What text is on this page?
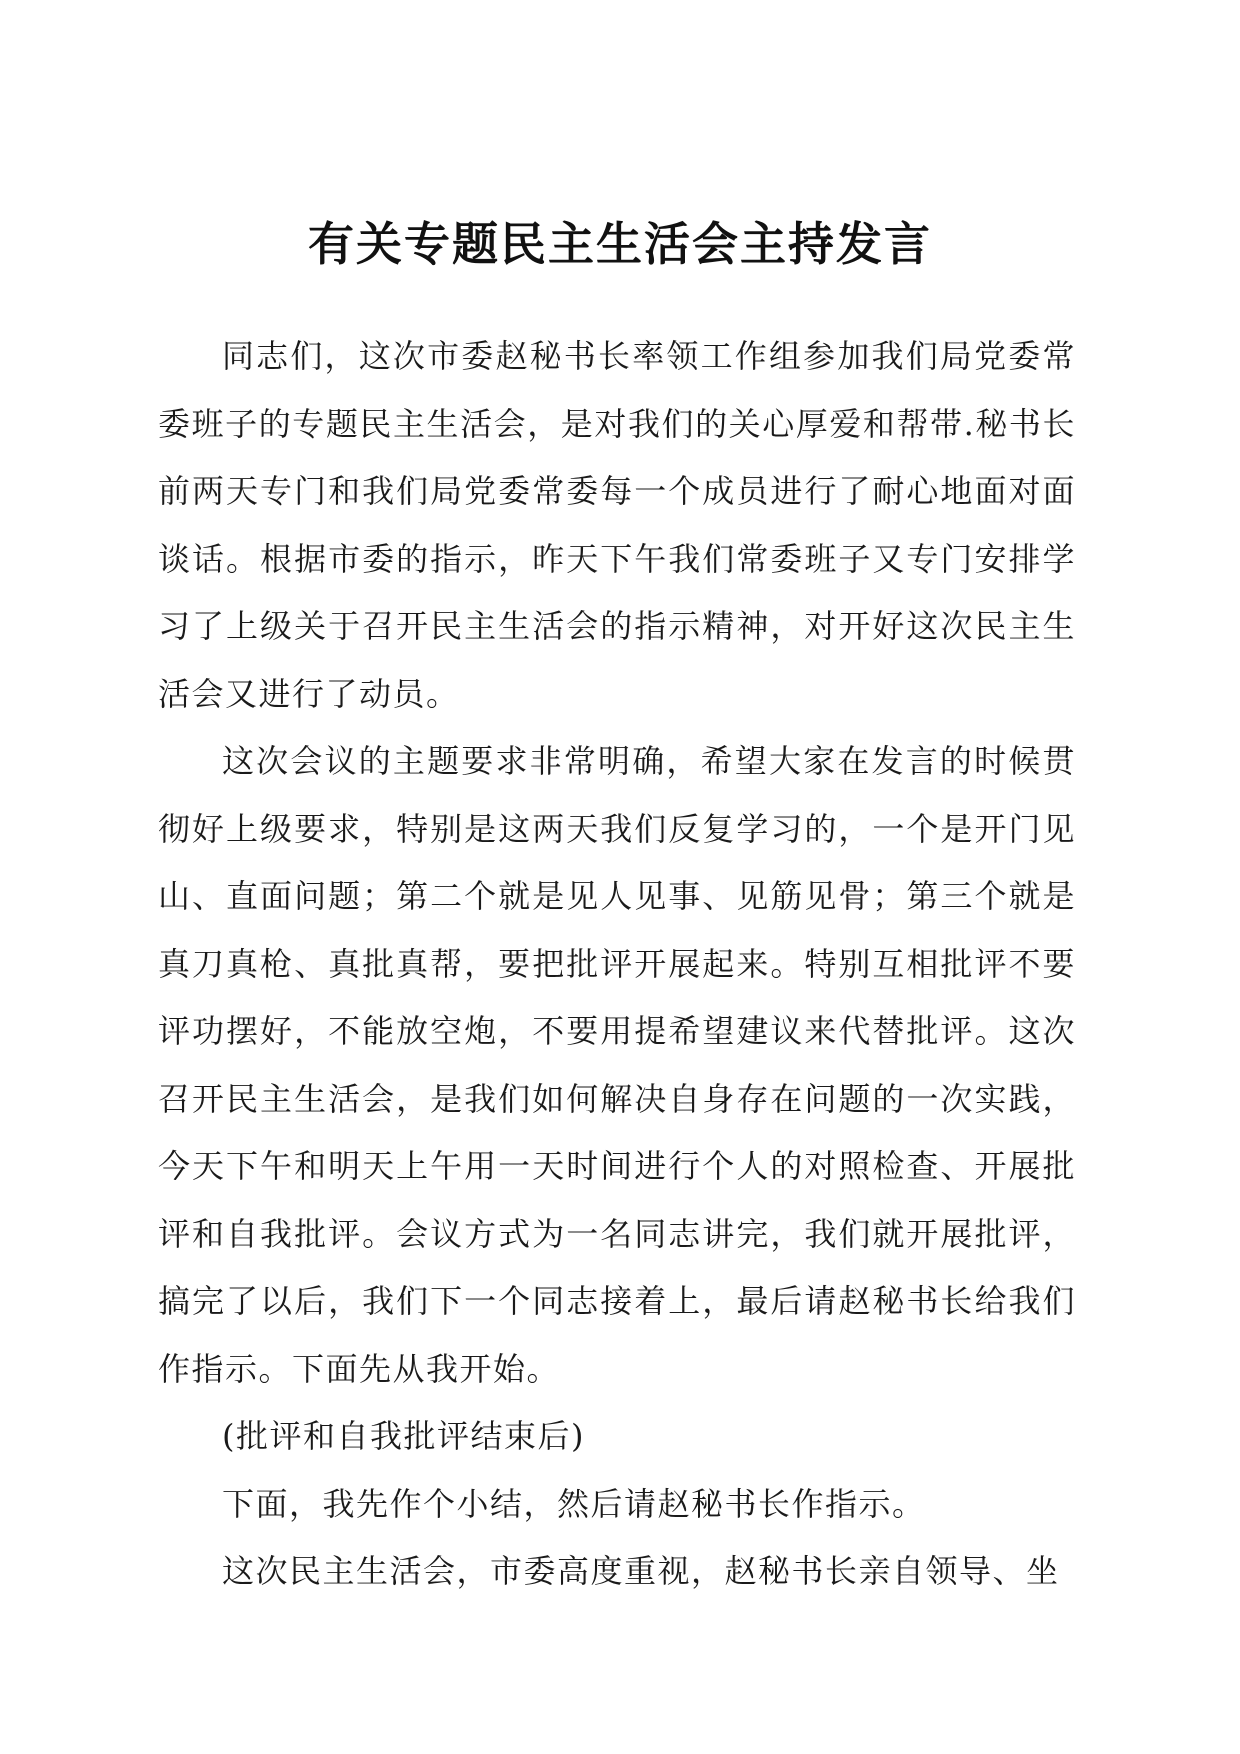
有关专题民主生活会主持发言

同志们，这次市委赵秘书长率领工作组参加我们局党委常委班子的专题民主生活会，是对我们的关心厚爱和帮带.秘书长前两天专门和我们局党委常委每一个成员进行了耐心地面对面谈话。根据市委的指示，昨天下午我们常委班子又专门安排学习了上级关于召开民主生活会的指示精神，对开好这次民主生活会又进行了动员。

这次会议的主题要求非常明确，希望大家在发言的时候贯彻好上级要求，特别是这两天我们反复学习的，一个是开门见山、直面问题；第二个就是见人见事、见筋见骨；第三个就是真刀真枪、真批真帮，要把批评开展起来。特别互相批评不要评功摆好，不能放空炮，不要用提希望建议来代替批评。这次召开民主生活会，是我们如何解决自身存在问题的一次实践，今天下午和明天上午用一天时间进行个人的对照检查、开展批评和自我批评。会议方式为一名同志讲完，我们就开展批评，搞完了以后，我们下一个同志接着上，最后请赵秘书长给我们作指示。下面先从我开始。

(批评和自我批评结束后)

下面，我先作个小结，然后请赵秘书长作指示。

这次民主生活会，市委高度重视，赵秘书长亲自领导、坐
